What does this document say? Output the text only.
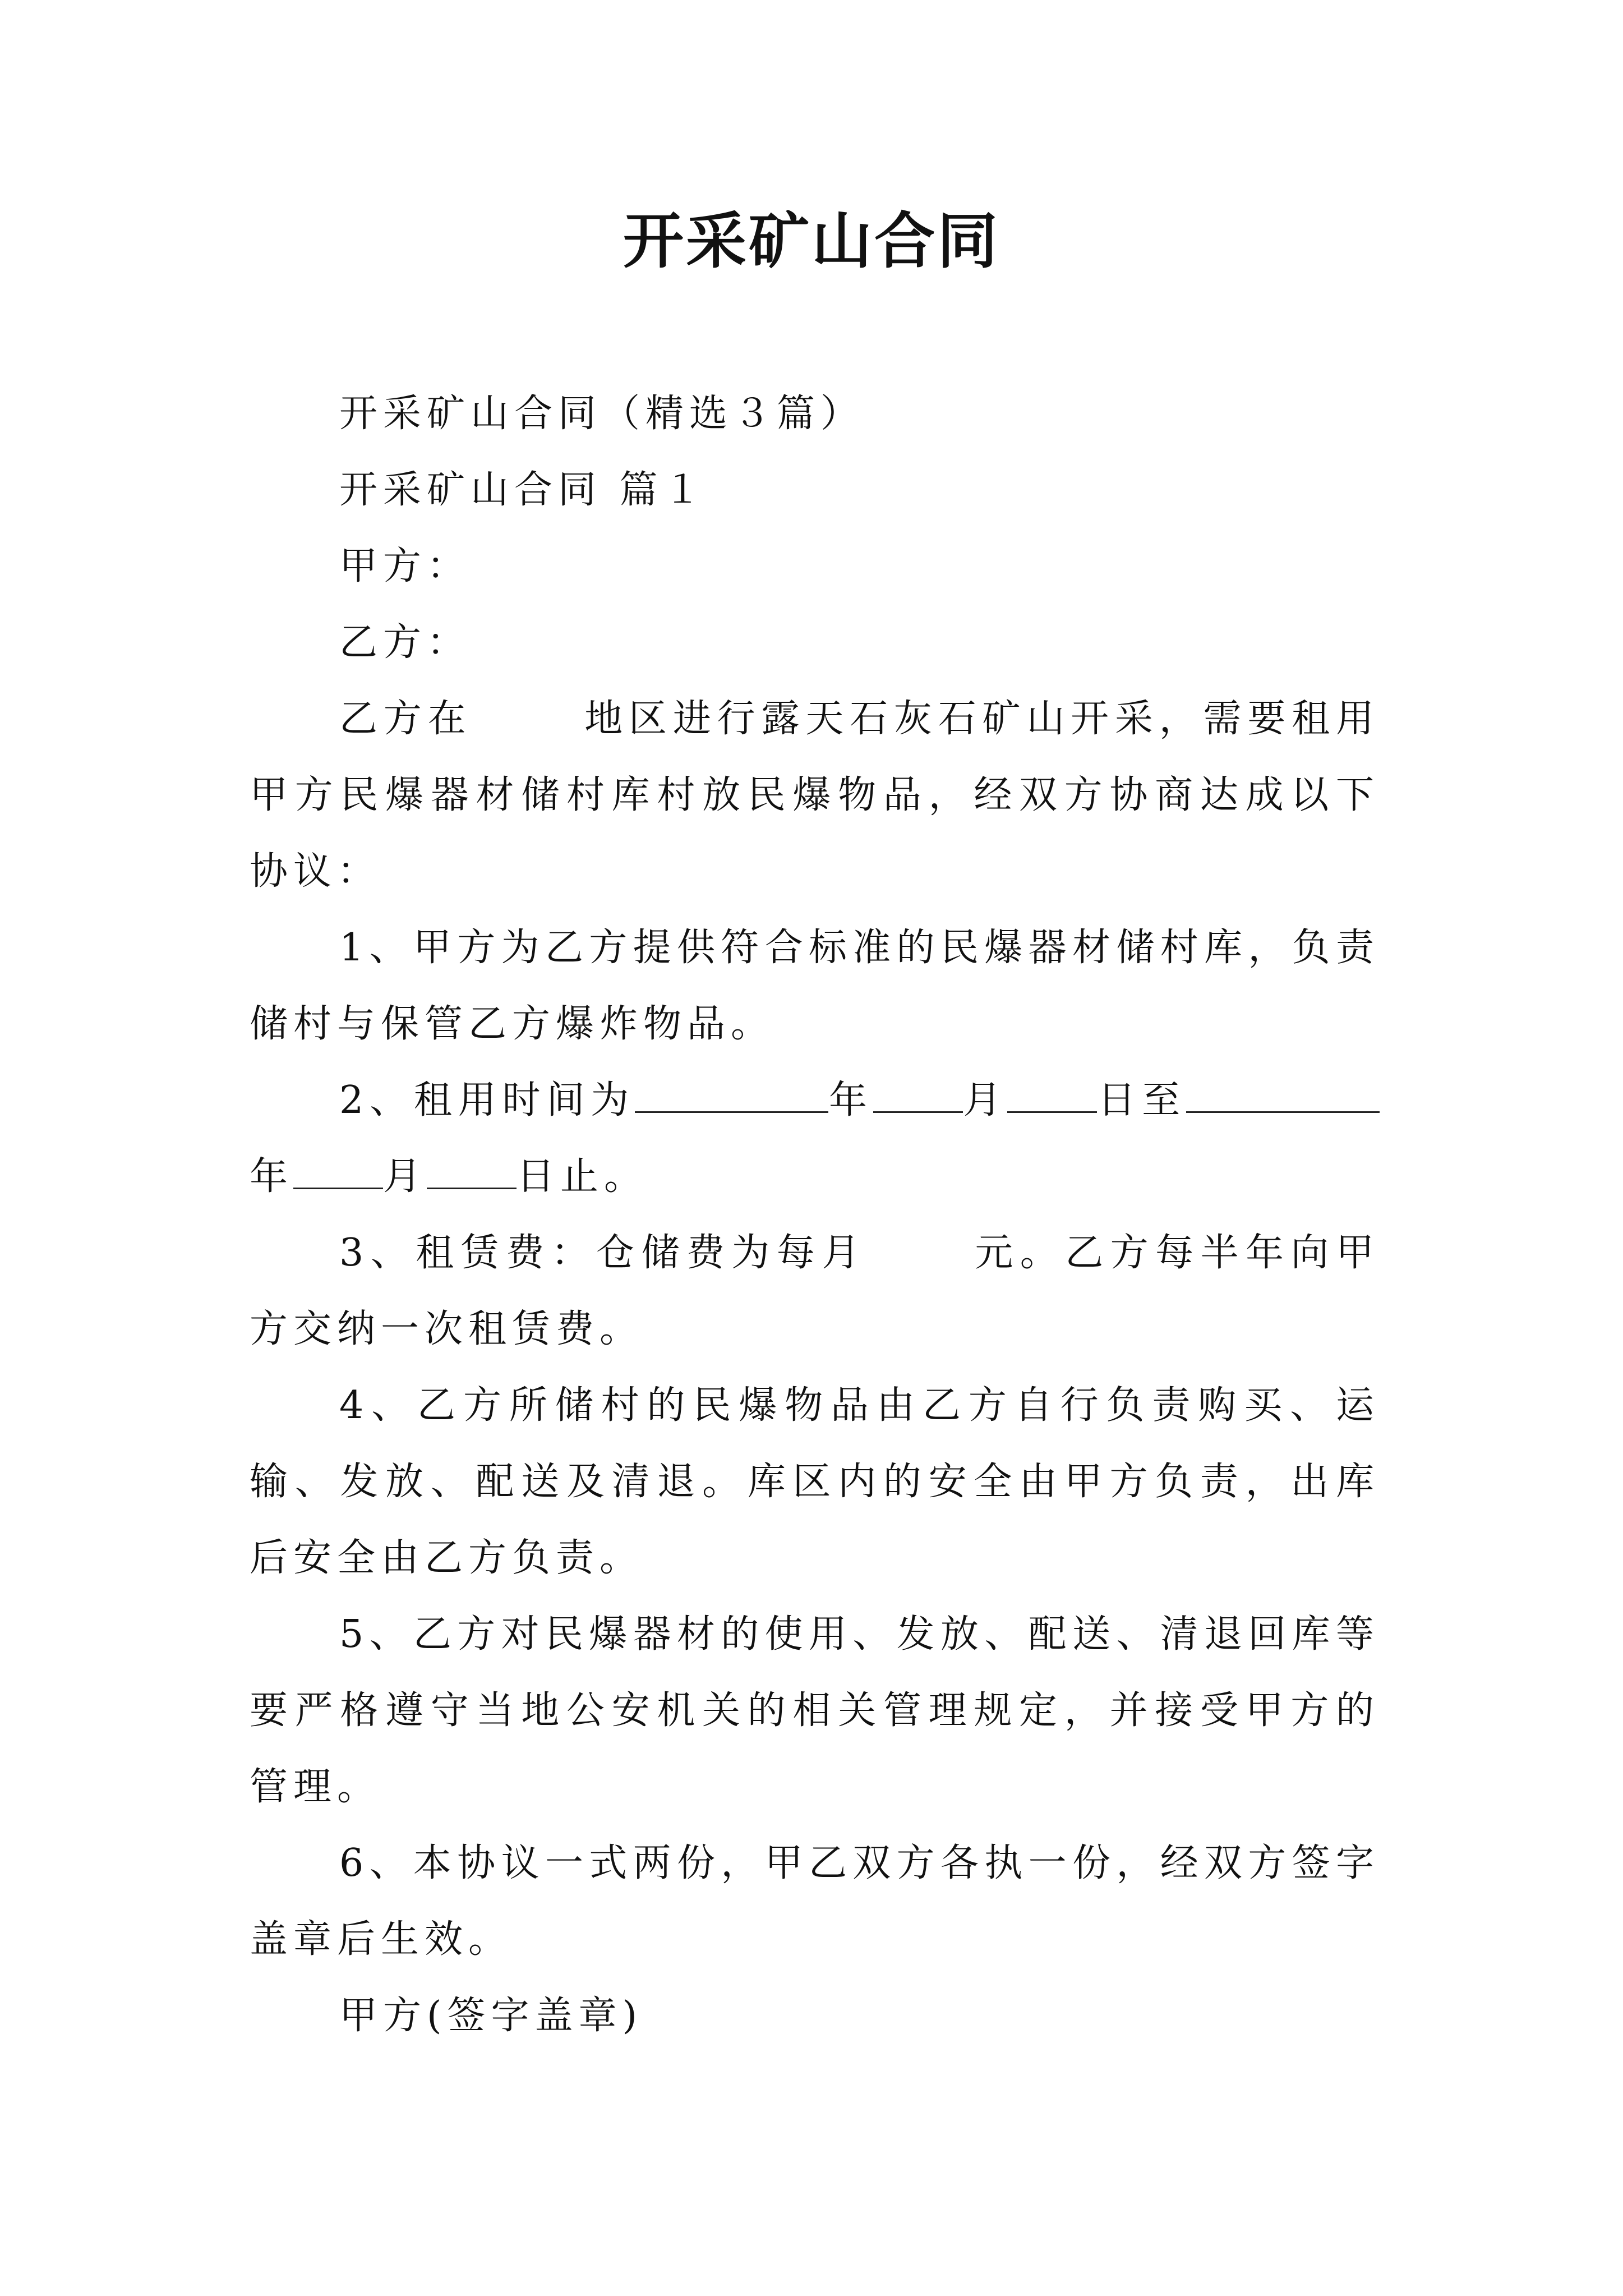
开采矿山合同

开采矿山合同（精选３篇）

开采矿山合同 篇１

甲方：

乙方：

乙方在	地区进行露天石灰石矿山开采，需要租用甲方民爆器材储村库村放民爆物品，经双方协商达成以下协议：

1、甲方为乙方提供符合标准的民爆器材储村库，负责储村与保管乙方爆炸物品。

2、租用时间为	年 月 日至年 月 日止。

3、租赁费：仓储费为每月	元。乙方每半年向甲方交纳一次租赁费。

4、乙方所储村的民爆物品由乙方自行负责购买、运输、发放、配送及清退。库区内的安全由甲方负责，出库后安全由乙方负责。

5、乙方对民爆器材的使用、发放、配送、清退回库等要严格遵守当地公安机关的相关管理规定，并接受甲方的管理。

6、本协议一式两份，甲乙双方各执一份，经双方签字盖章后生效。

甲方(签字盖章)
